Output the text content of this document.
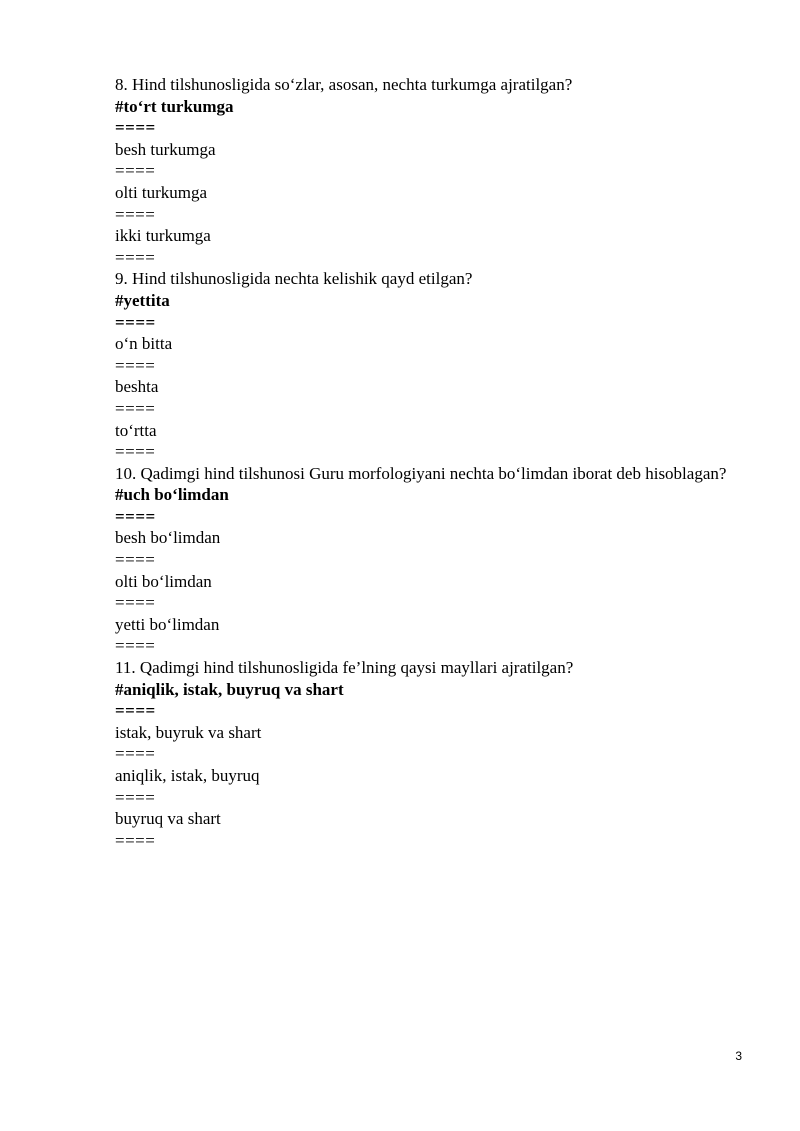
8. Hind tilshunosligida so‘zlar, asosan, nechta turkumga ajratilgan?
#to‘rt turkumga
====
besh turkumga
====
olti turkumga
====
ikki turkumga
====
9. Hind tilshunosligida nechta kelishik qayd etilgan?
#yettita
====
o‘n bitta
====
beshta
====
to‘rtta
====
10. Qadimgi hind tilshunosi Guru morfologiyani nechta bo‘limdan iborat deb hisoblagan?
#uch bo‘limdan
====
besh bo‘limdan
====
olti bo‘limdan
====
yetti bo‘limdan
====
11. Qadimgi hind tilshunosligida fe’lning qaysi mayllari ajratilgan?
#aniqlik, istak, buyruq va shart
====
istak, buyruk va shart
====
aniqlik, istak, buyruq
====
buyruq va shart
====
3
